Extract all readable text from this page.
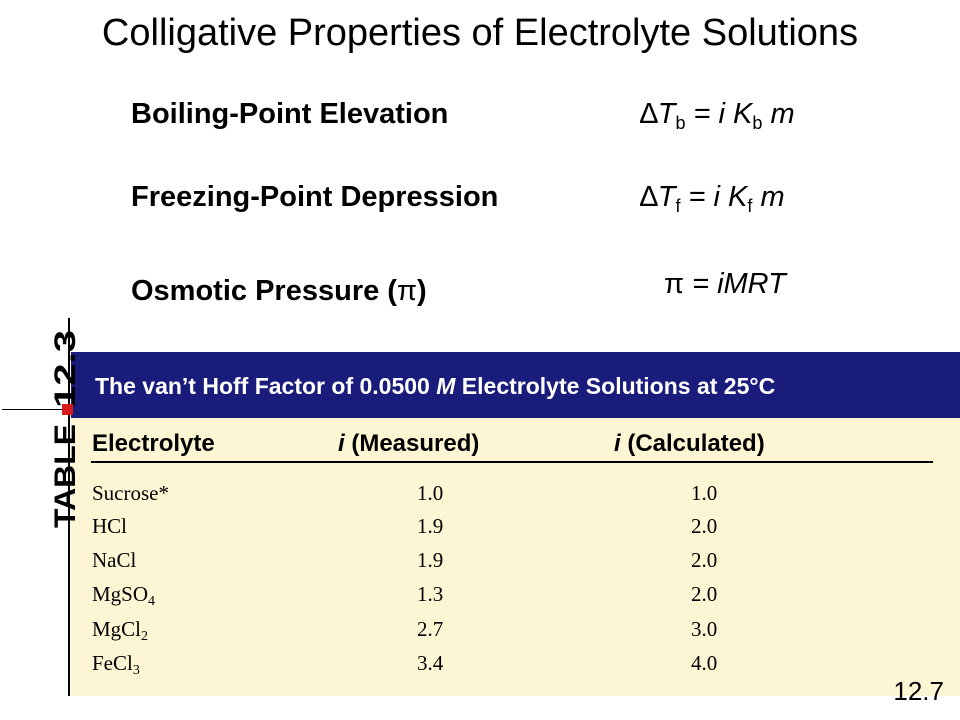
Colligative Properties of Electrolyte Solutions
Boiling-Point Elevation	$\Delta T_b = i$ $K_b$ m
Freezing-Point Depression	$\Delta T_f = i$ $K_f$ m
Osmotic Pressure (π)	π = iMRT
The van’t Hoff Factor of 0.0500 M Electrolyte Solutions at 25°C
TABLE
12.3
Electrolyte	i (Measured)	i (Calculated)
Sucrose*	1.0	1.0
HCl	1.9	2.0
NaCl	1.9	2.0
MgSO$_4$	1.3	2.0
MgCl$_2$	2.7	3.0
FeCl$_3$	3.4	4.0
12.7
